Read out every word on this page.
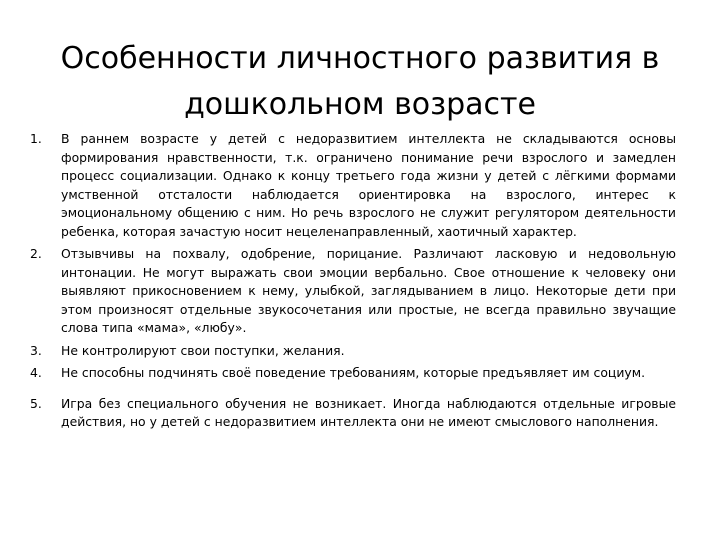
Особенности личностного развития в дошкольном возрасте
1.	В раннем возрасте у детей с недоразвитием интеллекта не складываются основы формирования нравственности, т.к. ограничено понимание речи взрослого и замедлен процесс социализации. Однако к концу третьего года жизни у детей с лёгкими формами умственной отсталости наблюдается ориентировка на взрослого, интерес к эмоциональному общению с ним. Но речь взрослого не служит регулятором деятельности ребенка, которая зачастую носит нецеленаправленный, хаотичный характер.
2.	Отзывчивы на похвалу, одобрение, порицание. Различают ласковую и недовольную интонации. Не могут выражать свои эмоции вербально. Свое отношение к человеку они выявляют прикосновением к нему, улыбкой, заглядыванием в лицо. Некоторые дети при этом произносят отдельные звукосочетания или простые, не всегда правильно звучащие слова типа «мама», «любу».
3.	Не контролируют свои поступки, желания.
4.	Не способны подчинять своё поведение требованиям, которые предъявляет им социум.
5.	Игра без специального обучения не возникает. Иногда наблюдаются отдельные игровые действия, но у детей с недоразвитием интеллекта они не имеют смыслового наполнения.
